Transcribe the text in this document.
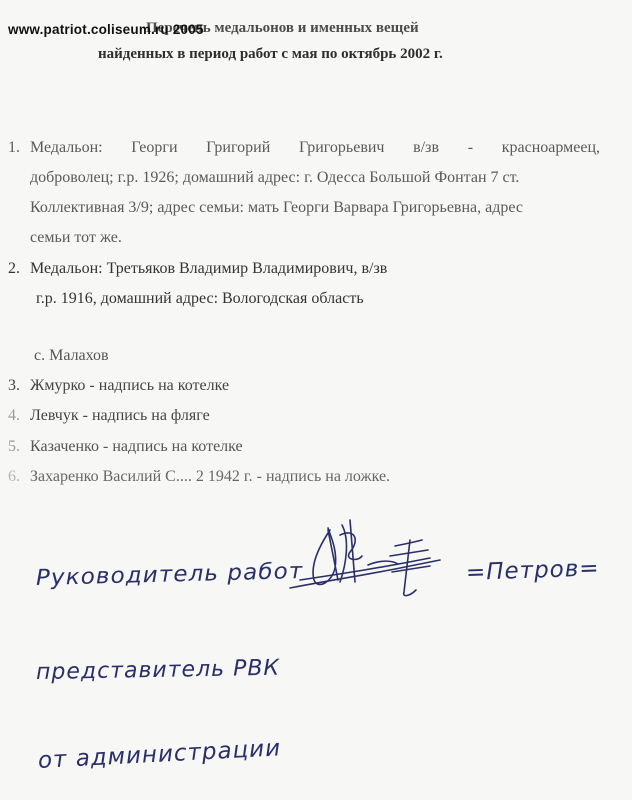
Перечень медальонов и именных вещей
найденных в период работ с мая по октябрь 2002 г.
www.patriot.coliseum.ru 2005
1. Медальон: Георги Григорий Григорьевич в/зв - красноармеец,
доброволец; г.р. 1926; домашний адрес: г. Одесса Большой Фонтан 7 ст.
Коллективная 3/9; адрес семьи: мать Георги Варвара Григорьевна, адрес
семьи тот же.
2. Медальон: Третьяков Владимир Владимирович, в/зв
г.р. 1916, домашний адрес: Вологодская область
с. Малахов
3. Жмурко - надпись на котелке
4. Левчук - надпись на фляге
5. Казаченко - надпись на котелке
6. Захаренко Василий С.... 2 1942 г. - надпись на ложке.
Руководитель работ	=Петров=
представитель РВК
от администрации
